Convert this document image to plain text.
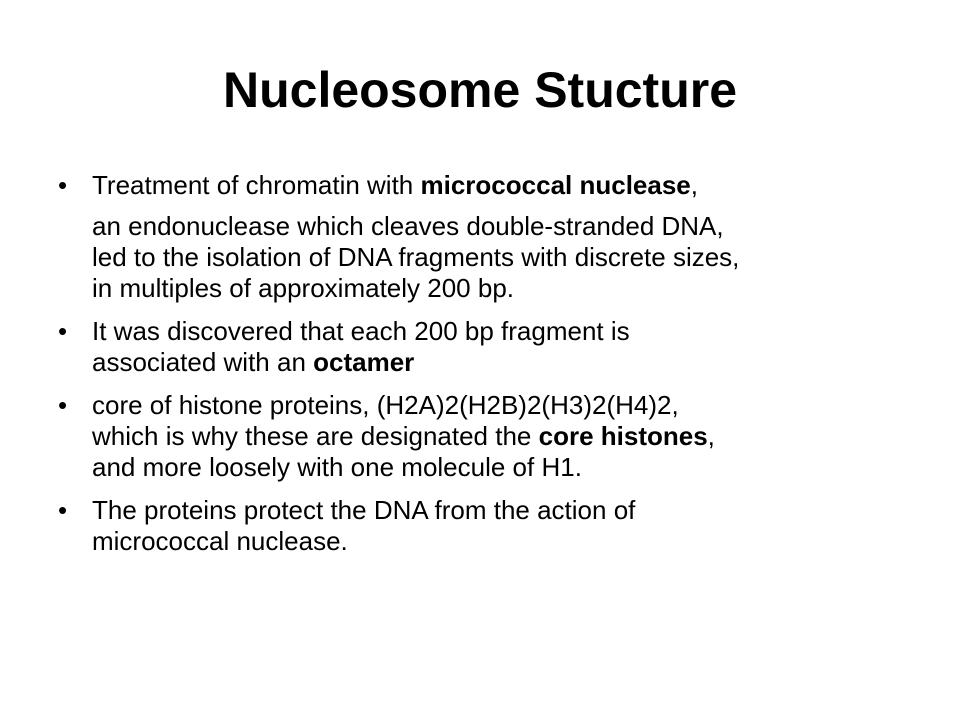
Nucleosome Stucture

• Treatment of chromatin with micrococcal nuclease,

an endonuclease which cleaves double-stranded DNA,
led to the isolation of DNA fragments with discrete sizes,
in multiples of approximately 200 bp.

• It was discovered that each 200 bp fragment is
associated with an octamer

• core of histone proteins, (H2A)2(H2B)2(H3)2(H4)2,
which is why these are designated the core histones,
and more loosely with one molecule of H1.

• The proteins protect the DNA from the action of
micrococcal nuclease.
